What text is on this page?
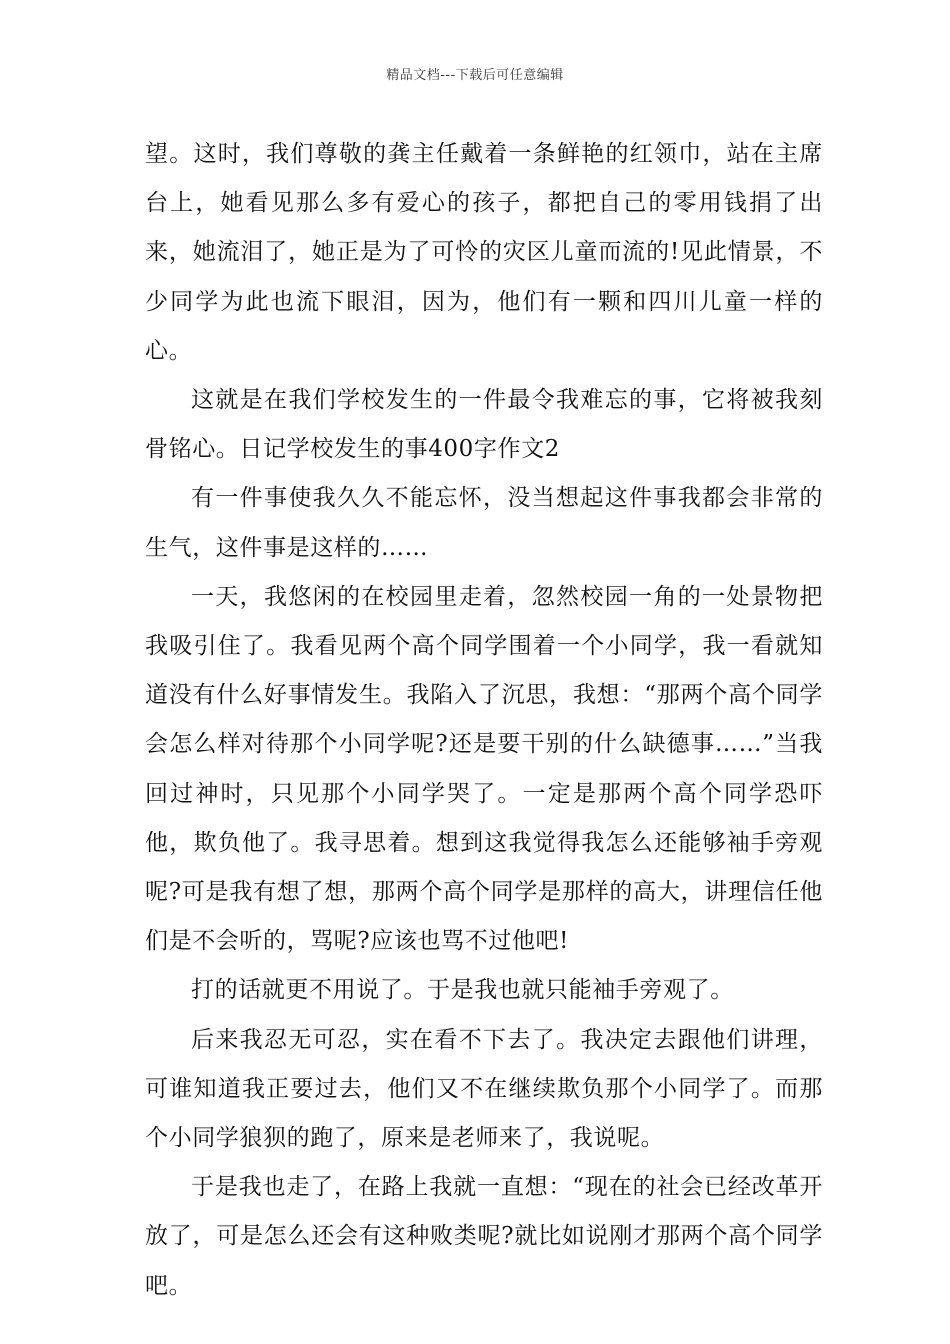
精品文档---下载后可任意编辑

望。这时，我们尊敬的龚主任戴着一条鲜艳的红领巾，站在主席台上，她看见那么多有爱心的孩子，都把自己的零用钱捐了出来，她流泪了，她正是为了可怜的灾区儿童而流的!见此情景，不少同学为此也流下眼泪，因为，他们有一颗和四川儿童一样的心。

这就是在我们学校发生的一件最令我难忘的事，它将被我刻骨铭心。日记学校发生的事400字作文2

有一件事使我久久不能忘怀，没当想起这件事我都会非常的生气，这件事是这样的……

一天，我悠闲的在校园里走着，忽然校园一角的一处景物把我吸引住了。我看见两个高个同学围着一个小同学，我一看就知道没有什么好事情发生。我陷入了沉思，我想：“那两个高个同学会怎么样对待那个小同学呢?还是要干别的什么缺德事……”当我回过神时，只见那个小同学哭了。一定是那两个高个同学恐吓他，欺负他了。我寻思着。想到这我觉得我怎么还能够袖手旁观呢?可是我有想了想，那两个高个同学是那样的高大，讲理信任他们是不会听的，骂呢?应该也骂不过他吧!

打的话就更不用说了。于是我也就只能袖手旁观了。

后来我忍无可忍，实在看不下去了。我决定去跟他们讲理，可谁知道我正要过去，他们又不在继续欺负那个小同学了。而那个小同学狼狈的跑了，原来是老师来了，我说呢。

于是我也走了，在路上我就一直想：“现在的社会已经改革开放了，可是怎么还会有这种败类呢?就比如说刚才那两个高个同学吧。
